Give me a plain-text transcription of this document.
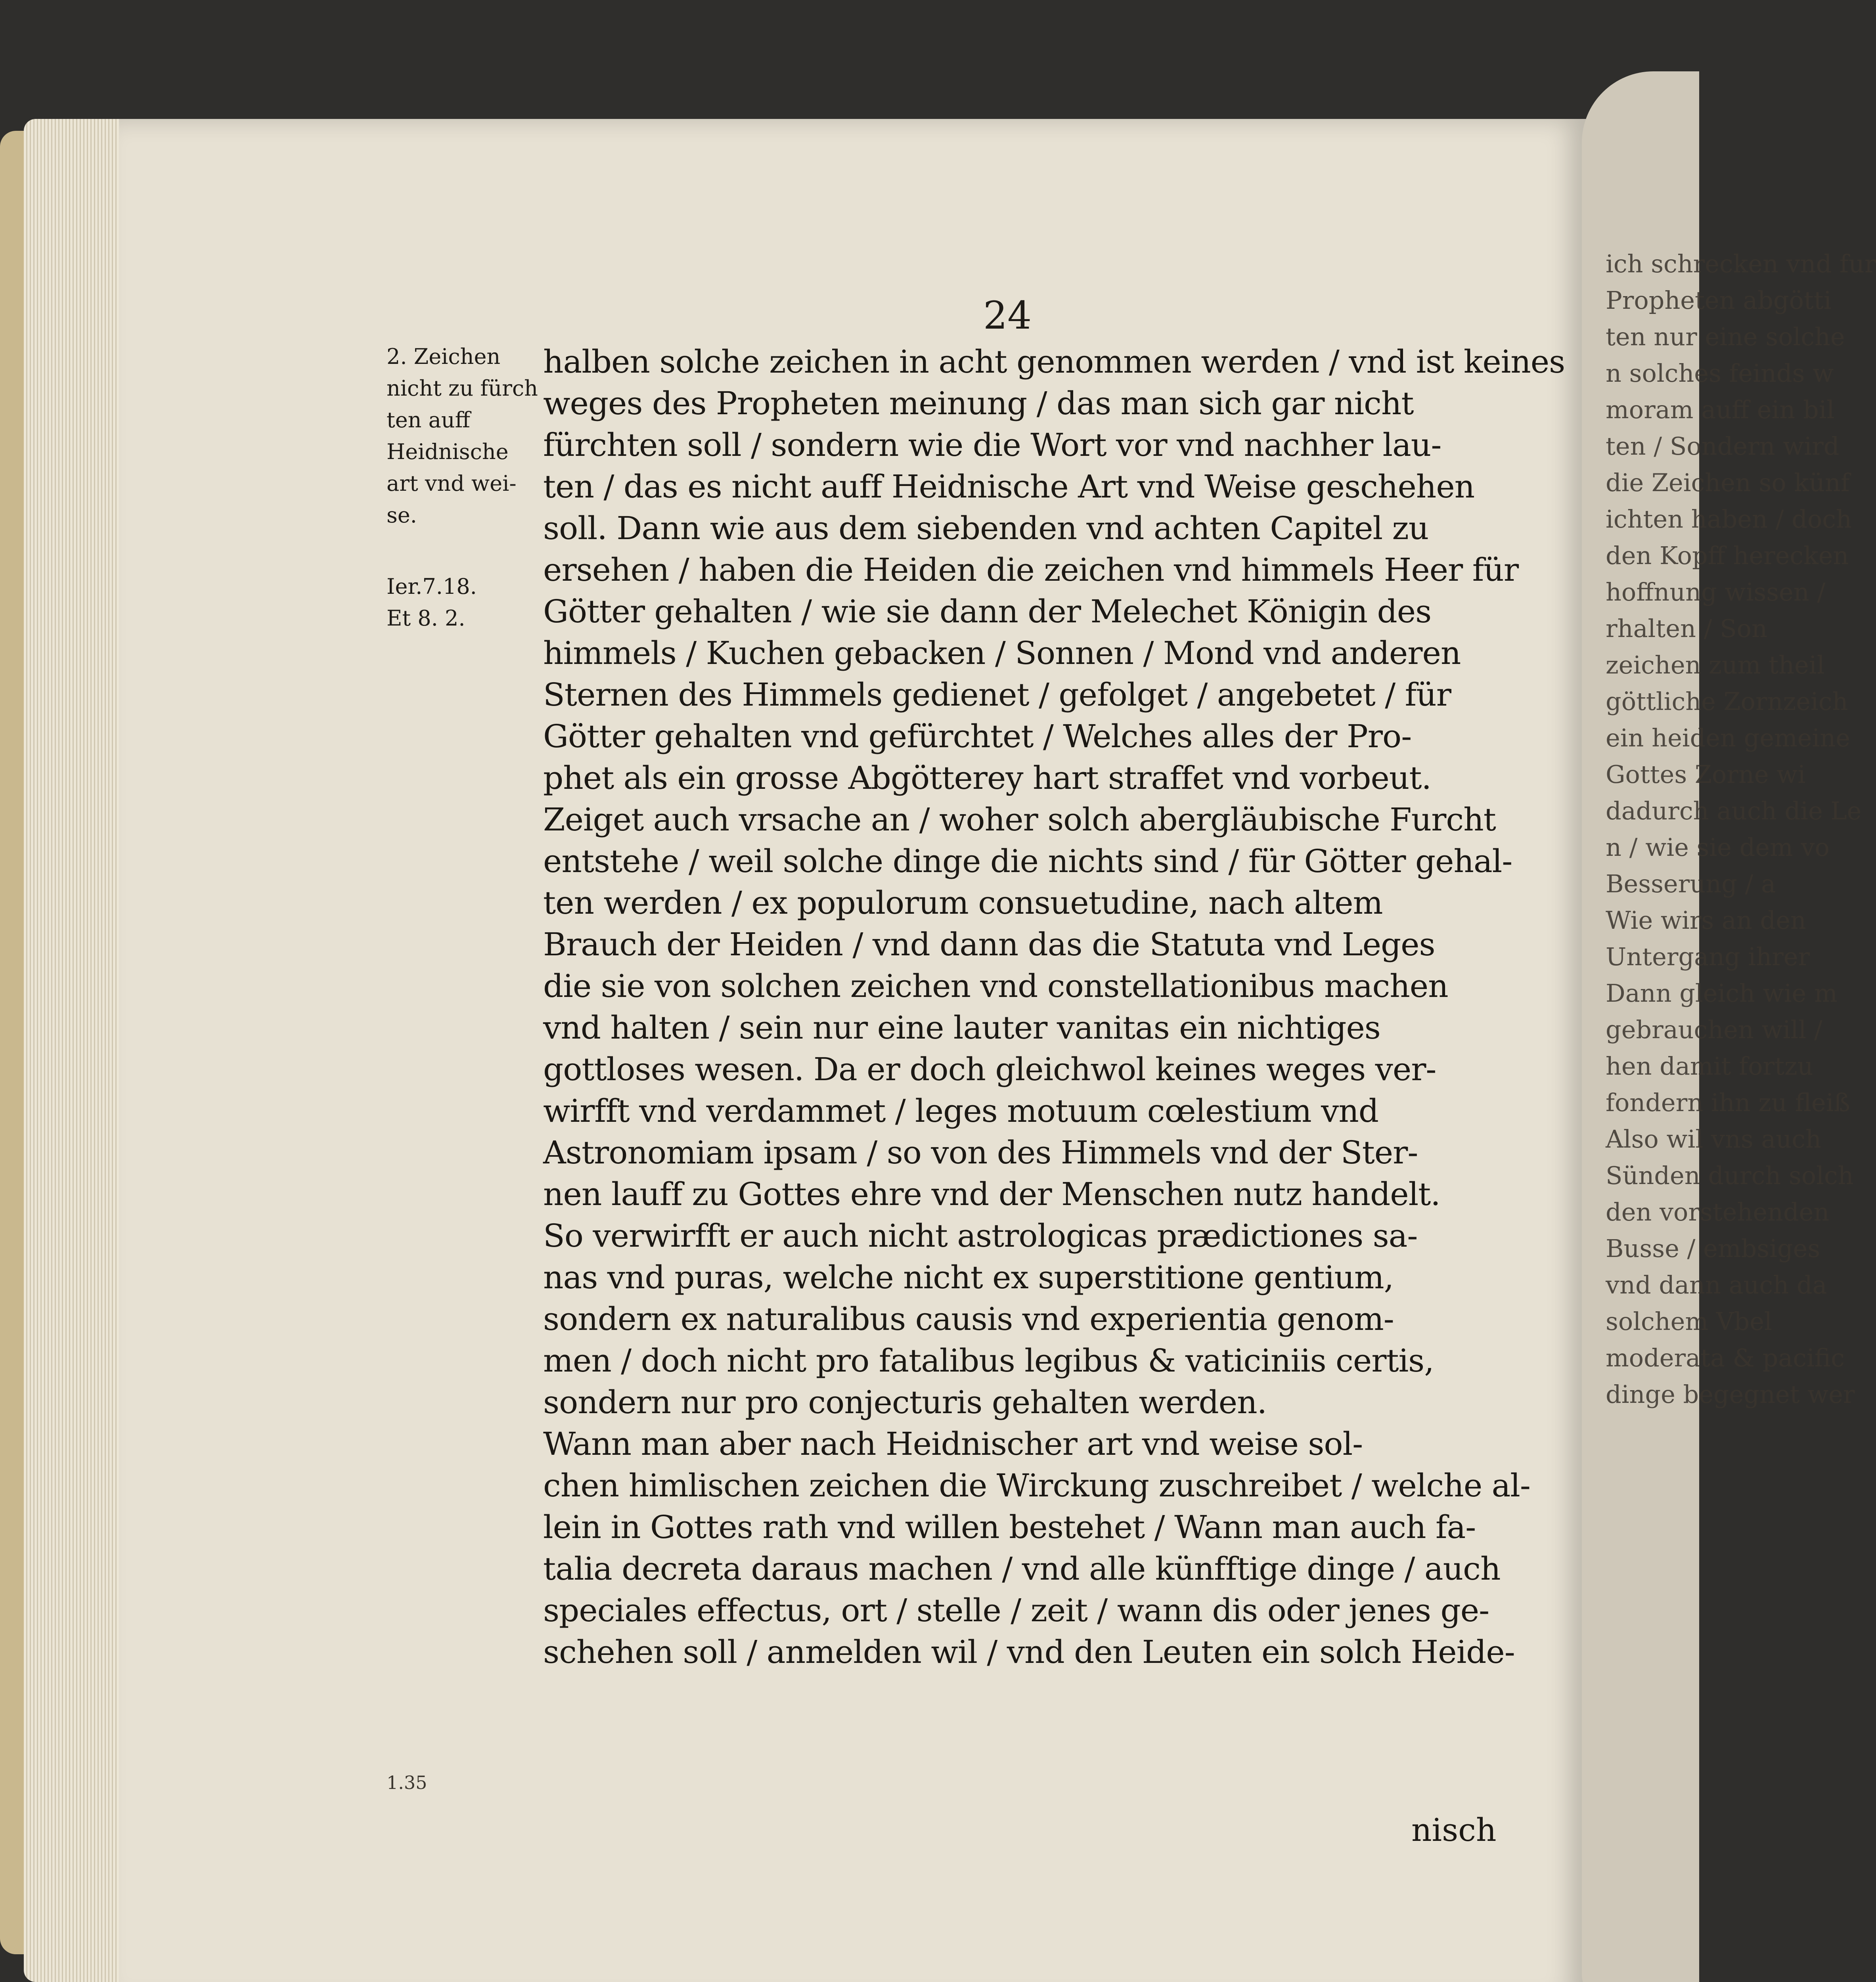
24
2. Zeichen
nicht zu fürch
ten auff
Heidnische
art vnd wei-
se.
Ier.7.18.
Et 8. 2.
1.35
halben solche zeichen in acht genommen werden / vnd ist keines
weges des Propheten meinung / das man sich gar nicht
fürchten soll / sondern wie die Wort vor vnd nachher lau-
ten / das es nicht auff Heidnische Art vnd Weise geschehen
soll. Dann wie aus dem siebenden vnd achten Capitel zu
ersehen / haben die Heiden die zeichen vnd himmels Heer für
Götter gehalten / wie sie dann der Melechet Königin des
himmels / Kuchen gebacken / Sonnen / Mond vnd anderen
Sternen des Himmels gedienet / gefolget / angebetet / für
Götter gehalten vnd gefürchtet / Welches alles der Pro-
phet als ein grosse Abgötterey hart straffet vnd vorbeut.
Zeiget auch vrsache an / woher solch abergläubische Furcht
entstehe / weil solche dinge die nichts sind / für Götter gehal-
ten werden / ex populorum consuetudine, nach altem
Brauch der Heiden / vnd dann das die Statuta vnd Leges
die sie von solchen zeichen vnd constellationibus machen
vnd halten / sein nur eine lauter vanitas ein nichtiges
gottloses wesen. Da er doch gleichwol keines weges ver-
wirfft vnd verdammet / leges motuum cœlestium vnd
Astronomiam ipsam / so von des Himmels vnd der Ster-
nen lauff zu Gottes ehre vnd der Menschen nutz handelt.
So verwirfft er auch nicht astrologicas prædictiones sa-
nas vnd puras, welche nicht ex superstitione gentium,
sondern ex naturalibus causis vnd experientia genom-
men / doch nicht pro fatalibus legibus & vaticiniis certis,
sondern nur pro conjecturis gehalten werden.
Wann man aber nach Heidnischer art vnd weise sol-
chen himlischen zeichen die Wirckung zuschreibet / welche al-
lein in Gottes rath vnd willen bestehet / Wann man auch fa-
talia decreta daraus machen / vnd alle künfftige dinge / auch
speciales effectus, ort / stelle / zeit / wann dis oder jenes ge-
schehen soll / anmelden wil / vnd den Leuten ein solch Heide-
nisch
ich schrecken vnd fur
Propheten abgötti
ten nur eine solche
n solches feinds w
moram auff ein bil
ten / Sondern wird
die Zeichen so künf
ichten haben / doch
den Kopff herecken
hoffnung wissen /
rhalten / Son
zeichen zum theil
göttliche Zornzeich
ein heiden gemeine
Gottes Zorne wi
dadurch auch die Le
n / wie sie dem vo
Besserung / a
Wie wirs an den
Untergang ihrer
Dann gleich wie m
gebrauchen will /
hen damit fortzu
fondern ihn zu fleiß
Also wil vns auch
Sünden durch solch
den vorstehenden
Busse / embsiges
vnd dann auch da
solchem Vbel
moderata & pacific
dinge begegnet wer
